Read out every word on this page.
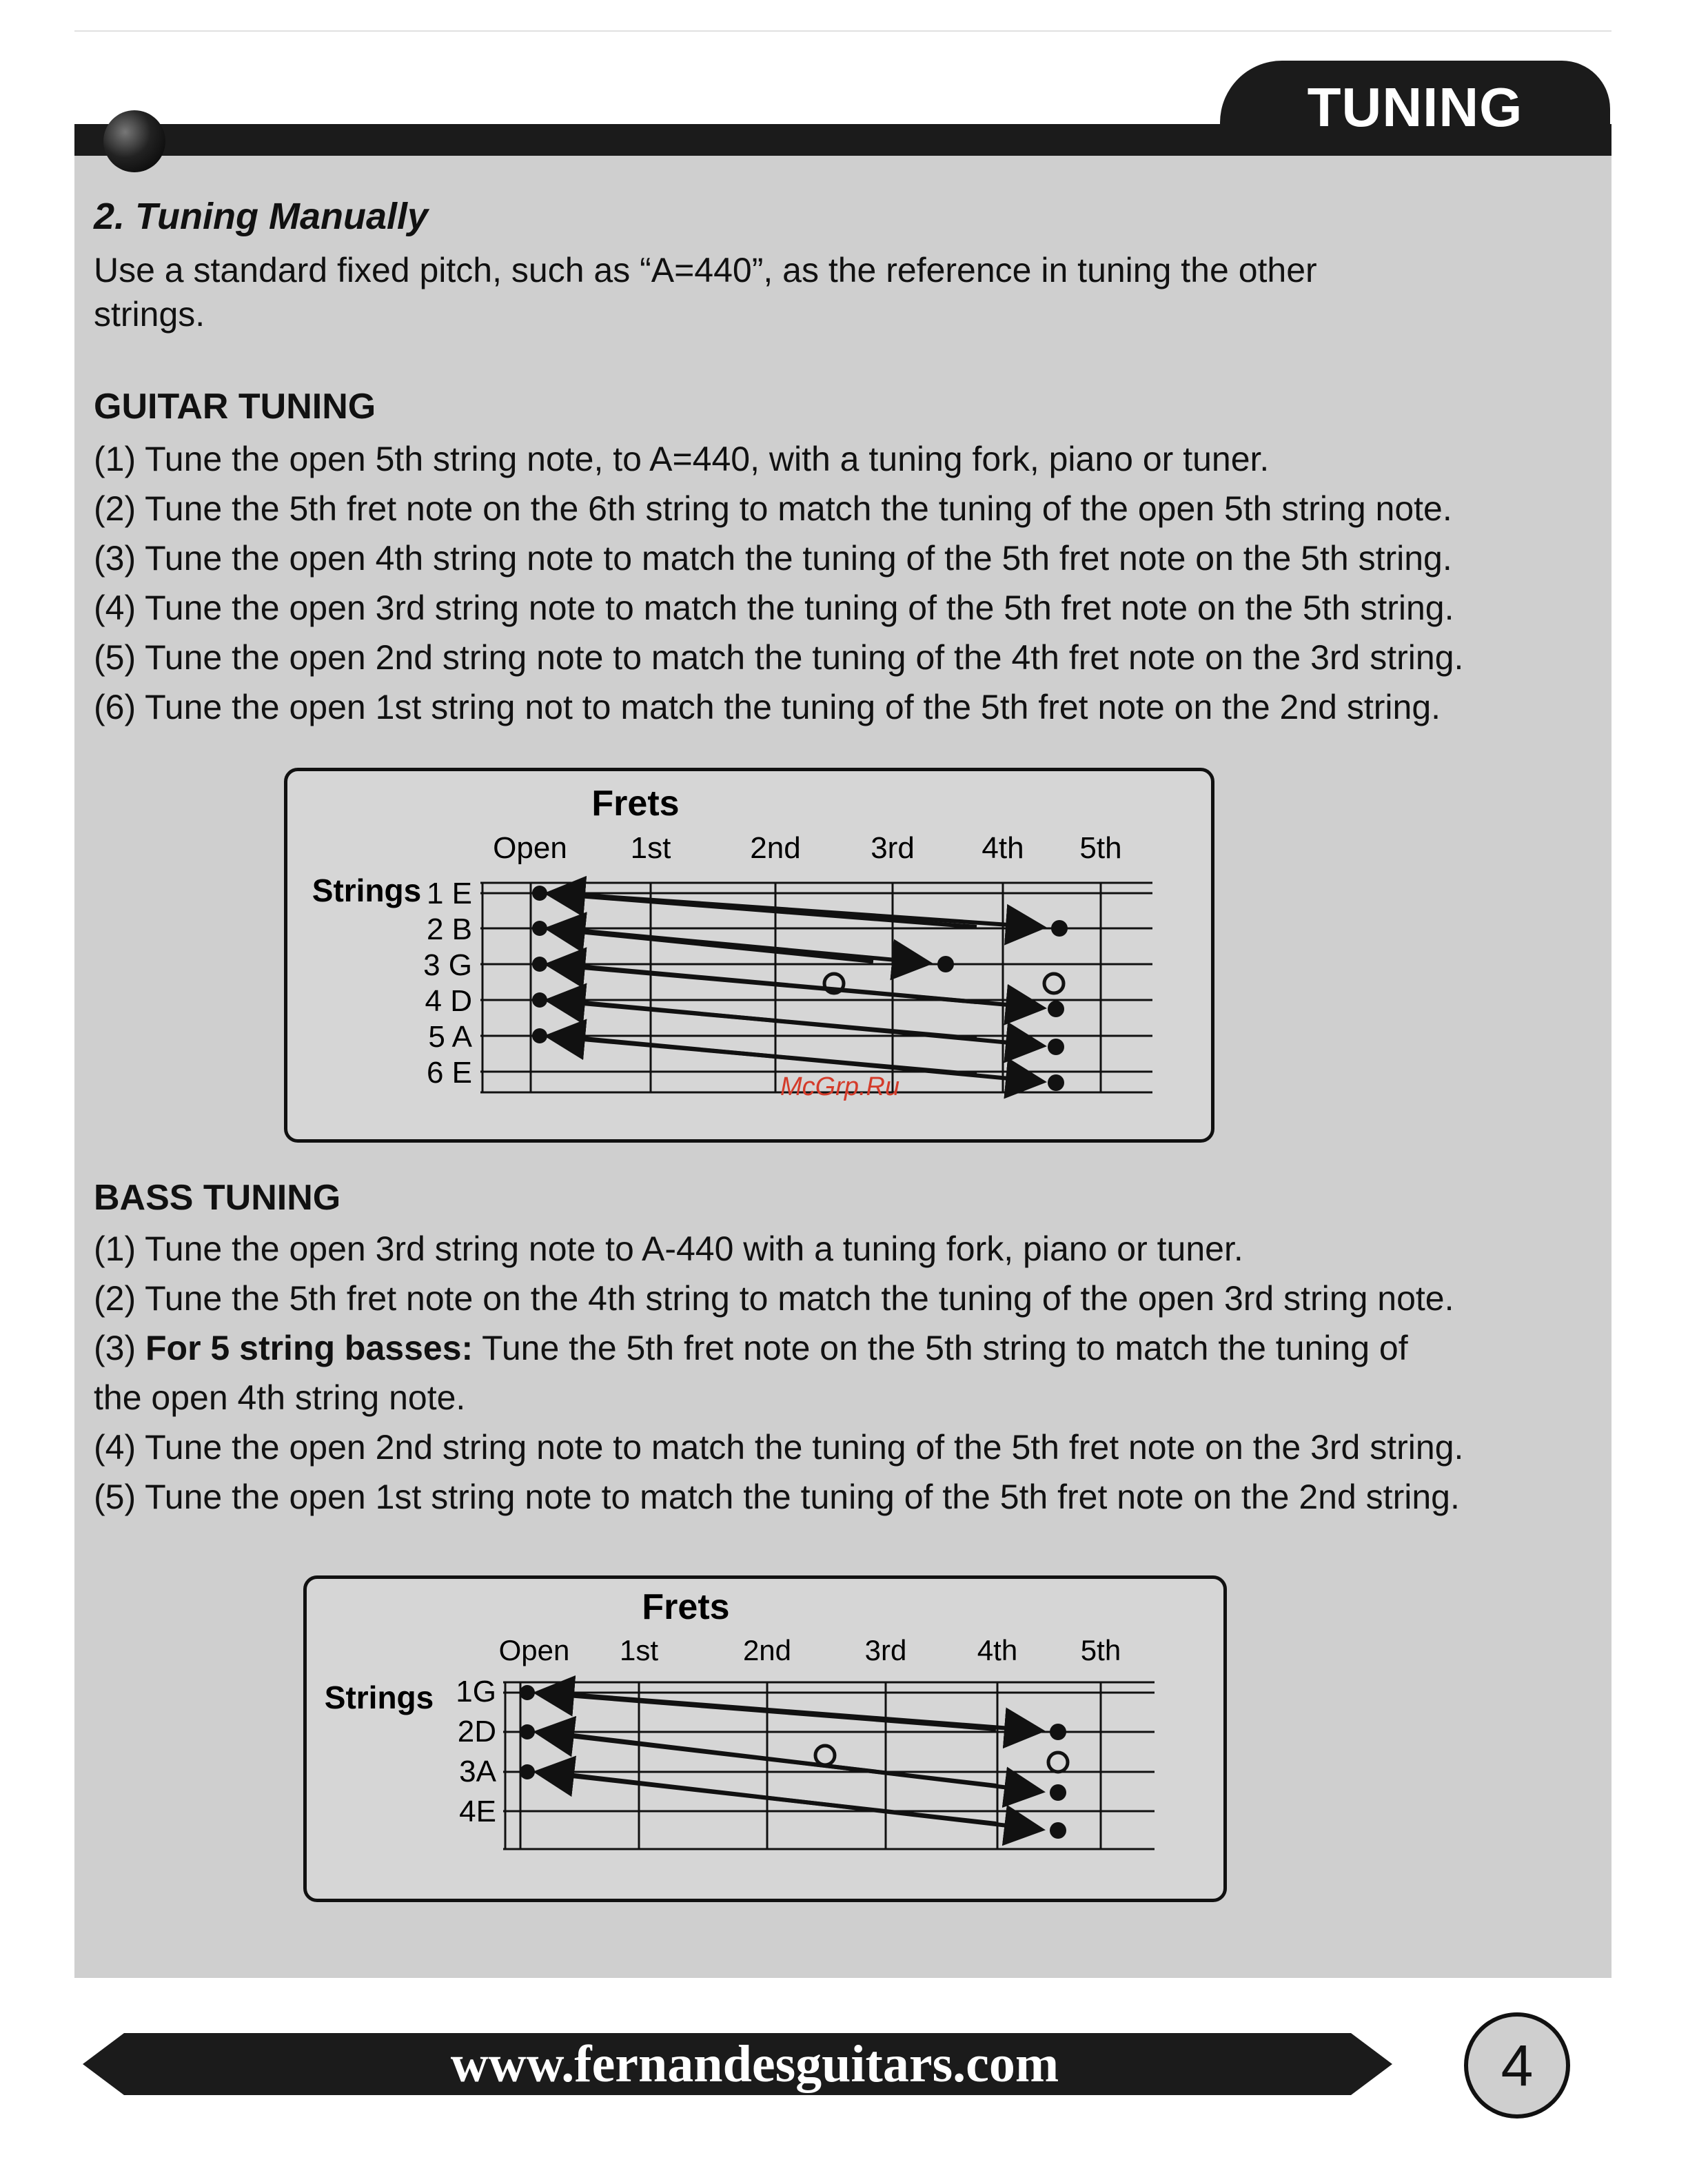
TUNING
2. Tuning Manually
Use a standard fixed pitch, such as “A=440”, as the reference in tuning the other
strings.
GUITAR TUNING
(1) Tune the open 5th string note, to A=440, with a tuning fork, piano or tuner.
(2) Tune the 5th fret note on the 6th string to match the tuning of the open 5th string note.
(3) Tune the open 4th string note to match the tuning of the 5th fret note on the 5th string.
(4) Tune the open 3rd string note to match the tuning of the 5th fret note on the 5th string.
(5) Tune the open 2nd string note to match the tuning of the 4th fret note on the 3rd string.
(6) Tune the open 1st string not to match the tuning of the 5th fret note on the 2nd string.
Frets
Strings
Open 1st	2nd 3rd 4th 5th
1 E
2 B
3 G
4 D
5 A
6 E	McGrp.Ru
BASS TUNING
(1) Tune the open 3rd string note to A-440 with a tuning fork, piano or tuner.
(2) Tune the 5th fret note on the 4th string to match the tuning of the open 3rd string note.
(3) For 5 string basses: Tune the 5th fret note on the 5th string to match the tuning of
the open 4th string note.
(4) Tune the open 2nd string note to match the tuning of the 5th fret note on the 3rd string.
(5) Tune the open 1st string note to match the tuning of the 5th fret note on the 2nd string.
Frets
Strings
Open 1st	2nd	3rd 4th 5th
1G
2D
3A
4E
www.fernandesguitars.com	4
